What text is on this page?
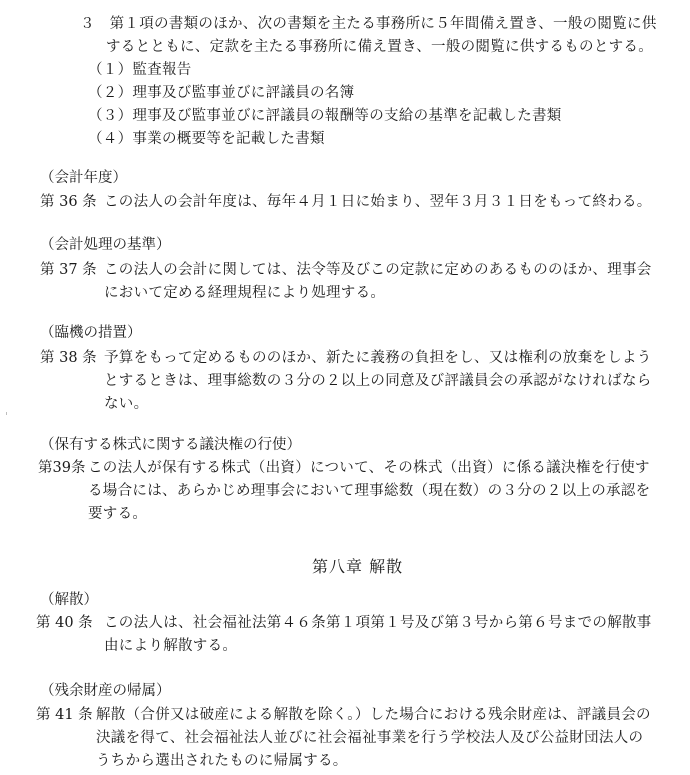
３　第１項の書類のほか、次の書類を主たる事務所に５年間備え置き、一般の閲覧に供
するとともに、定款を主たる事務所に備え置き、一般の閲覧に供するものとする。
（１）監査報告
（２）理事及び監事並びに評議員の名簿
（３）理事及び監事並びに評議員の報酬等の支給の基準を記載した書類
（４）事業の概要等を記載した書類
（会計年度）
第 36 条 この法人の会計年度は、毎年４月１日に始まり、翌年３月３１日をもって終わる。
（会計処理の基準）
第 37 条 この法人の会計に関しては、法令等及びこの定款に定めのあるもののほか、理事会
において定める経理規程により処理する。
（臨機の措置）
第 38 条 予算をもって定めるもののほか、新たに義務の負担をし、又は権利の放棄をしよう
とするときは、理事総数の３分の２以上の同意及び評議員会の承認がなければなら
ない。
（保有する株式に関する議決権の行使）
第39条 この法人が保有する株式（出資）について、その株式（出資）に係る議決権を行使す
る場合には、あらかじめ理事会において理事総数（現在数）の３分の２以上の承認を
要する。
第八章 解散
（解散）
第 40 条 この法人は、社会福祉法第４６条第１項第１号及び第３号から第６号までの解散事
由により解散する。
（残余財産の帰属）
第 41 条 解散（合併又は破産による解散を除く。）した場合における残余財産は、評議員会の
決議を得て、社会福祉法人並びに社会福祉事業を行う学校法人及び公益財団法人の
うちから選出されたものに帰属する。
